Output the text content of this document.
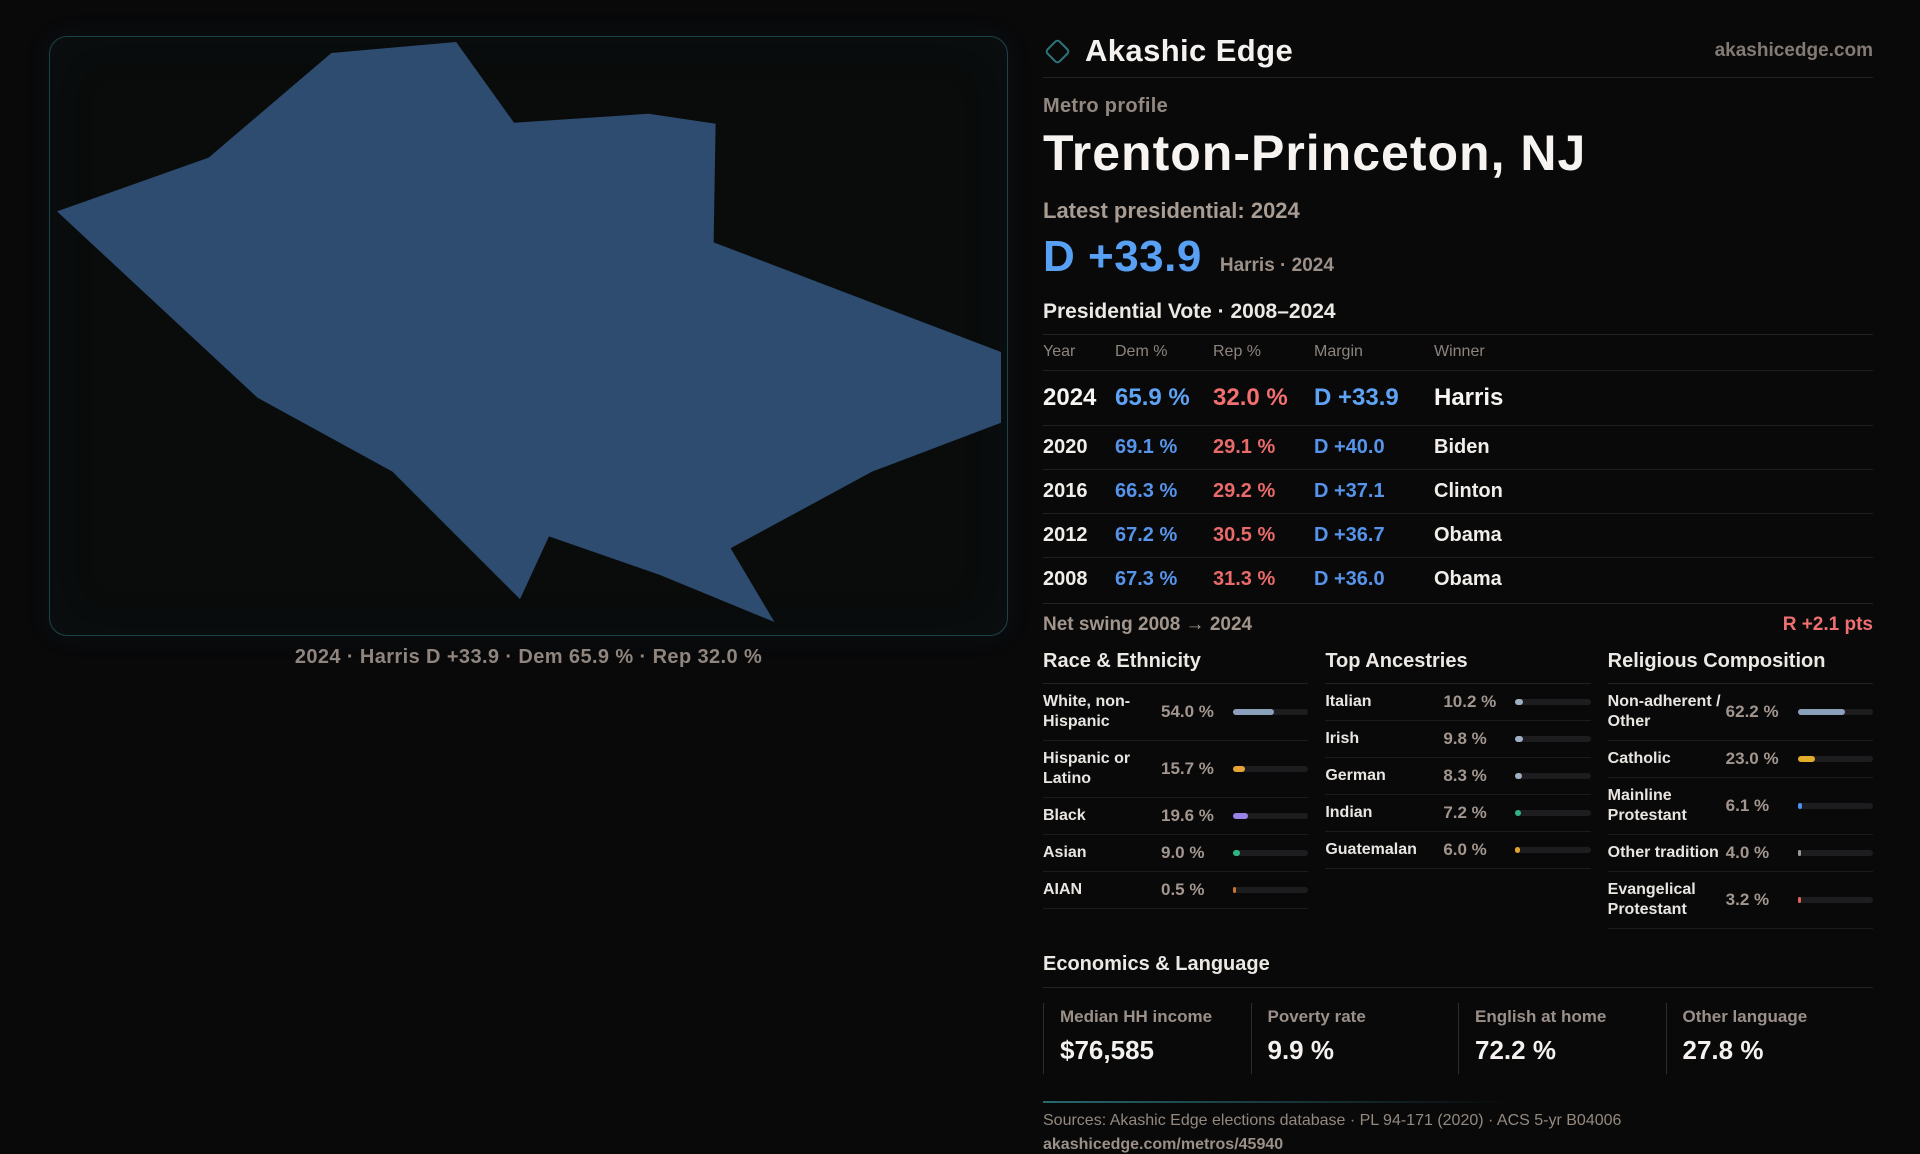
2024 · Harris D +33.9 · Dem 65.9 % · Rep 32.0 %
Akashic Edge	akashicedge.com
Metro profile
Trenton-Princeton, NJ
Latest presidential: 2024
D +33.9 Harris · 2024
Presidential Vote · 2008–2024
Year	Dem %	Rep %	Margin	Winner
2024 65.9 % 32.0 %	D +33.9	Harris
2020	69.1 %	29.1 %	D +40.0	Biden
2016	66.3 %	29.2 %	D +37.1	Clinton
2012	67.2 %	30.5 %	D +36.7	Obama
2008	67.3 %	31.3 %	D +36.0	Obama
Net swing 2008 → 2024	R +2.1 pts
Race & Ethnicity
White, non-Hispanic
54.0 %
Hispanic or Latino
15.7 %
Black	19.6 %
Asian	9.0 %
AIAN	0.5 %
Top Ancestries
Italian	10.2 %
Irish	9.8 %
German	8.3 %
Indian	7.2 %
Guatemalan	6.0 %
Religious Composition
Non-adherent / Other
62.2 %
Catholic	23.0 %
Mainline Protestant
6.1 %
Other tradition 4.0 %
Evangelical Protestant
3.2 %
Economics & Language
Median HH income
$76,585
Poverty rate
9.9 %
English at home
72.2 %
Other language
27.8 %
Sources: Akashic Edge elections database · PL 94-171 (2020) · ACS 5-yr B04006
akashicedge.com/metros/45940
